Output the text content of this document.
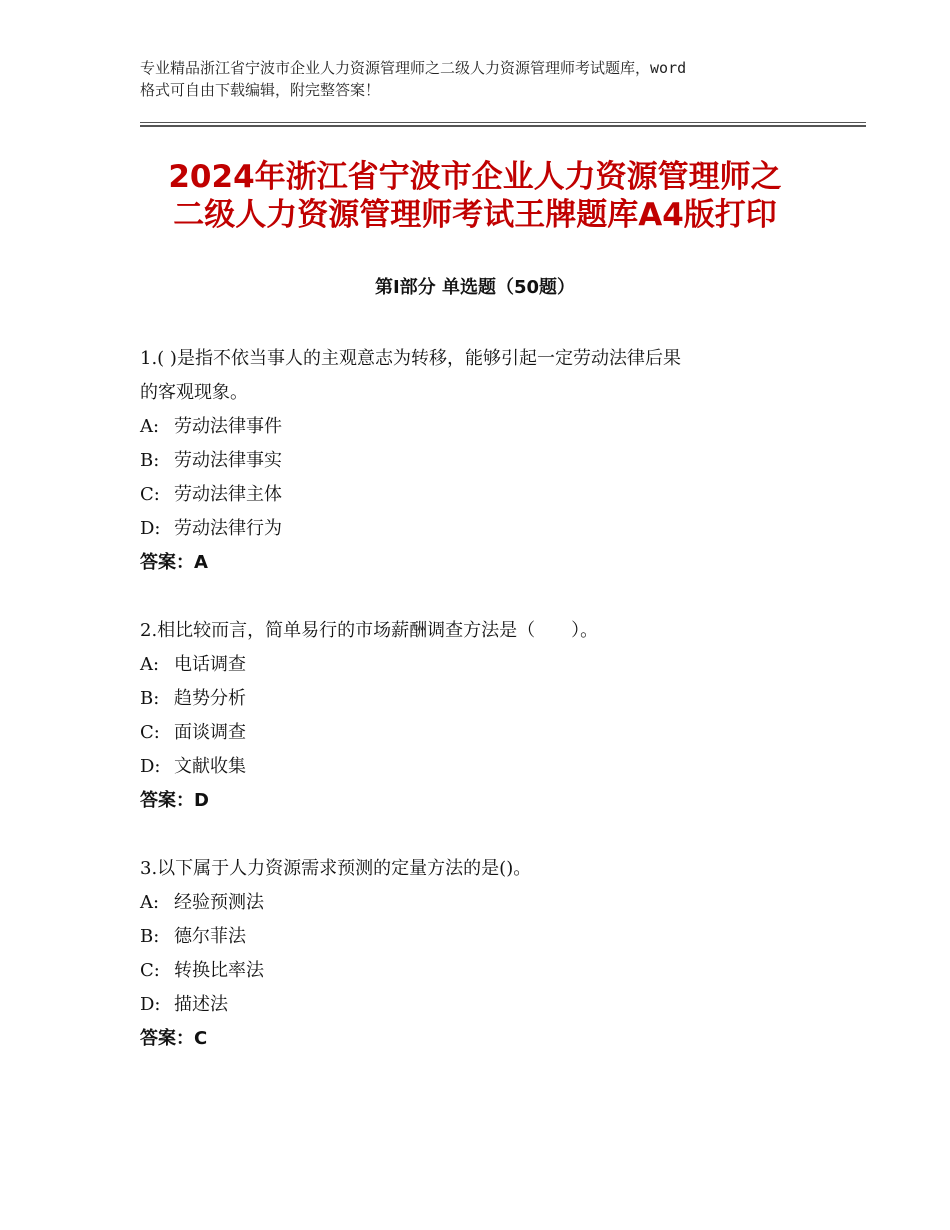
专业精品浙江省宁波市企业人力资源管理师之二级人力资源管理师考试题库，word
格式可自由下载编辑，附完整答案！
2024年浙江省宁波市企业人力资源管理师之
二级人力资源管理师考试王牌题库A4版打印
第Ⅰ部分 单选题（50题）
1.( )是指不依当事人的主观意志为转移，能够引起一定劳动法律后果
的客观现象。
A: 劳动法律事件
B: 劳动法律事实
C: 劳动法律主体
D: 劳动法律行为
答案：A
2.相比较而言，简单易行的市场薪酬调查方法是（　　）。
A: 电话调查
B: 趋势分析
C: 面谈调查
D: 文献收集
答案：D
3.以下属于人力资源需求预测的定量方法的是()。
A: 经验预测法
B: 德尔菲法
C: 转换比率法
D: 描述法
答案：C
